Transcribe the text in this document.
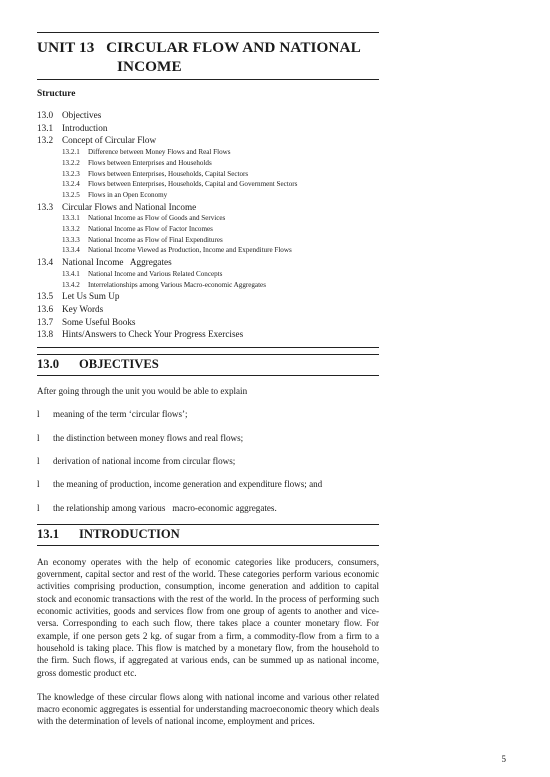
UNIT 13   CIRCULAR FLOW AND NATIONAL
INCOME
Structure
13.0 Objectives
13.1 Introduction
13.2 Concept of Circular Flow
13.2.1	Difference between Money Flows and Real Flows
13.2.2	Flows between Enterprises and Households
13.2.3	Flows between Enterprises, Households, Capital Sectors
13.2.4	Flows between Enterprises, Households, Capital and Government Sectors
13.2.5	Flows in an Open Economy
13.3 Circular Flows and National Income
13.3.1	National Income as Flow of Goods and Services
13.3.2	National Income as Flow of Factor Incomes
13.3.3	National Income as Flow of Final Expenditures
13.3.4	National Income Viewed as Production, Income and Expenditure Flows
13.4 National Income   Aggregates
13.4.1	National Income and Various Related Concepts
13.4.2	Interrelationships among Various Macro-economic Aggregates
13.5 Let Us Sum Up
13.6 Key Words
13.7 Some Useful Books
13.8 Hints/Answers to Check Your Progress Exercises
13.0 OBJECTIVES

After going through the unit you would be able to explain

l	meaning of the term ‘circular flows’;
l	the distinction between money flows and real flows;
l	derivation of national income from circular flows;
l	the meaning of production, income generation and expenditure flows; and
l	the relationship among various   macro-economic aggregates.
13.1 INTRODUCTION

An economy operates with the help of economic categories like producers, consumers, government, capital sector and rest of the world. These categories perform various economic activities comprising production, consumption, income generation and addition to capital stock and economic transactions with the rest of the world. In the process of performing such economic activities, goods and services flow from one group of agents to another and vice-versa. Corresponding to each such flow, there takes place a counter monetary flow. For example, if one person gets 2 kg. of sugar from a firm, a commodity-flow from a firm to a household is taking place. This flow is matched by a monetary flow, from the household to the firm. Such flows, if aggregated at various ends, can be summed up as national income, gross domestic product etc.

The knowledge of these circular flows along with national income and various other related macro economic aggregates is essential for understanding macroeconomic theory which deals with the determination of levels of national income, employment and prices.

5
